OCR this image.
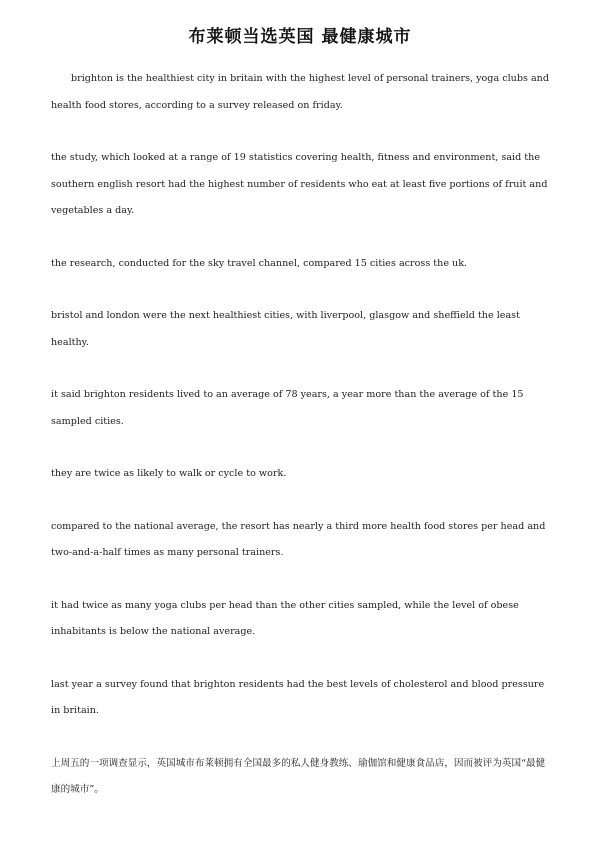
布莱顿当选英国 最健康城市

brighton is the healthiest city in britain with the highest level of personal trainers, yoga clubs and health food stores, according to a survey released on friday.

the study, which looked at a range of 19 statistics covering health, fitness and environment, said the southern english resort had the highest number of residents who eat at least five portions of fruit and vegetables a day.

the research, conducted for the sky travel channel, compared 15 cities across the uk.

bristol and london were the next healthiest cities, with liverpool, glasgow and sheffield the least healthy.

it said brighton residents lived to an average of 78 years, a year more than the average of the 15 sampled cities.

they are twice as likely to walk or cycle to work.

compared to the national average, the resort has nearly a third more health food stores per head and two-and-a-half times as many personal trainers.

it had twice as many yoga clubs per head than the other cities sampled, while the level of obese inhabitants is below the national average.

last year a survey found that brighton residents had the best levels of cholesterol and blood pressure in britain.

上周五的一项调查显示，英国城市布莱顿拥有全国最多的私人健身教练、瑜伽馆和健康食品店，因而被评为英国“最健康的城市”。
